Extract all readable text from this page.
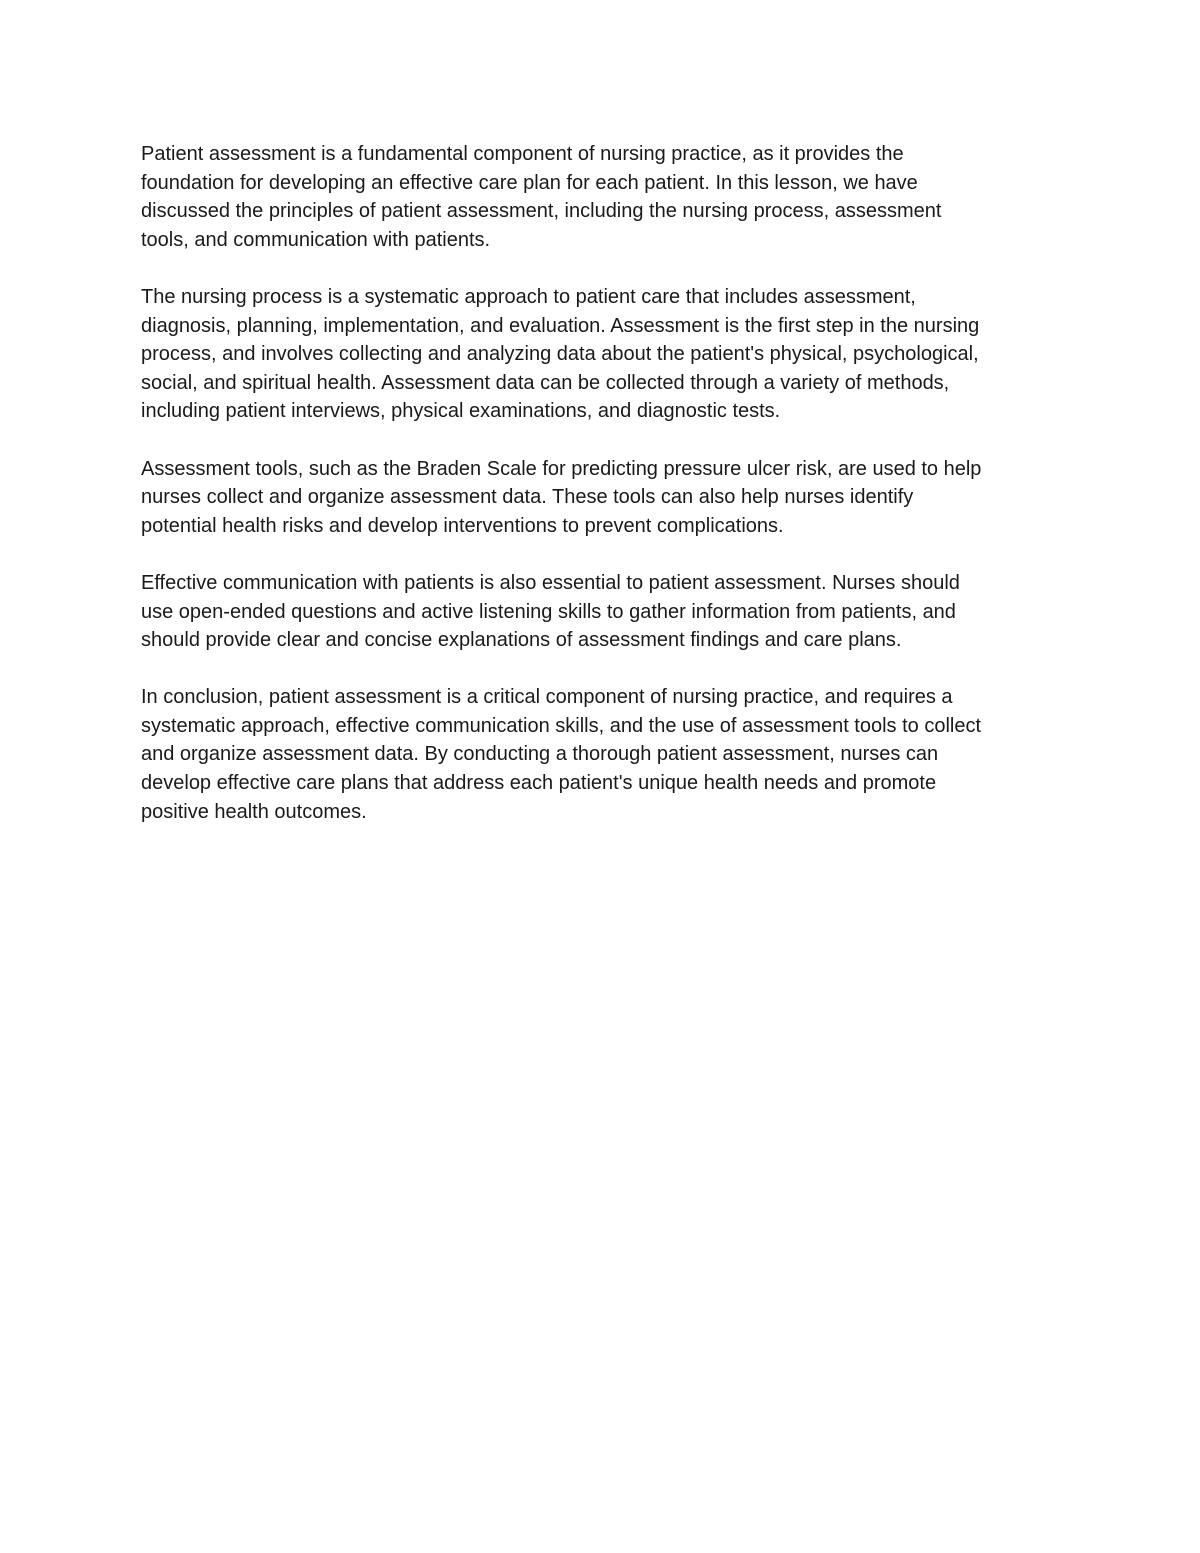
Patient assessment is a fundamental component of nursing practice, as it provides the
foundation for developing an effective care plan for each patient. In this lesson, we have
discussed the principles of patient assessment, including the nursing process, assessment
tools, and communication with patients.

The nursing process is a systematic approach to patient care that includes assessment,
diagnosis, planning, implementation, and evaluation. Assessment is the first step in the nursing
process, and involves collecting and analyzing data about the patient's physical, psychological,
social, and spiritual health. Assessment data can be collected through a variety of methods,
including patient interviews, physical examinations, and diagnostic tests.

Assessment tools, such as the Braden Scale for predicting pressure ulcer risk, are used to help
nurses collect and organize assessment data. These tools can also help nurses identify
potential health risks and develop interventions to prevent complications.

Effective communication with patients is also essential to patient assessment. Nurses should
use open-ended questions and active listening skills to gather information from patients, and
should provide clear and concise explanations of assessment findings and care plans.

In conclusion, patient assessment is a critical component of nursing practice, and requires a
systematic approach, effective communication skills, and the use of assessment tools to collect
and organize assessment data. By conducting a thorough patient assessment, nurses can
develop effective care plans that address each patient's unique health needs and promote
positive health outcomes.
